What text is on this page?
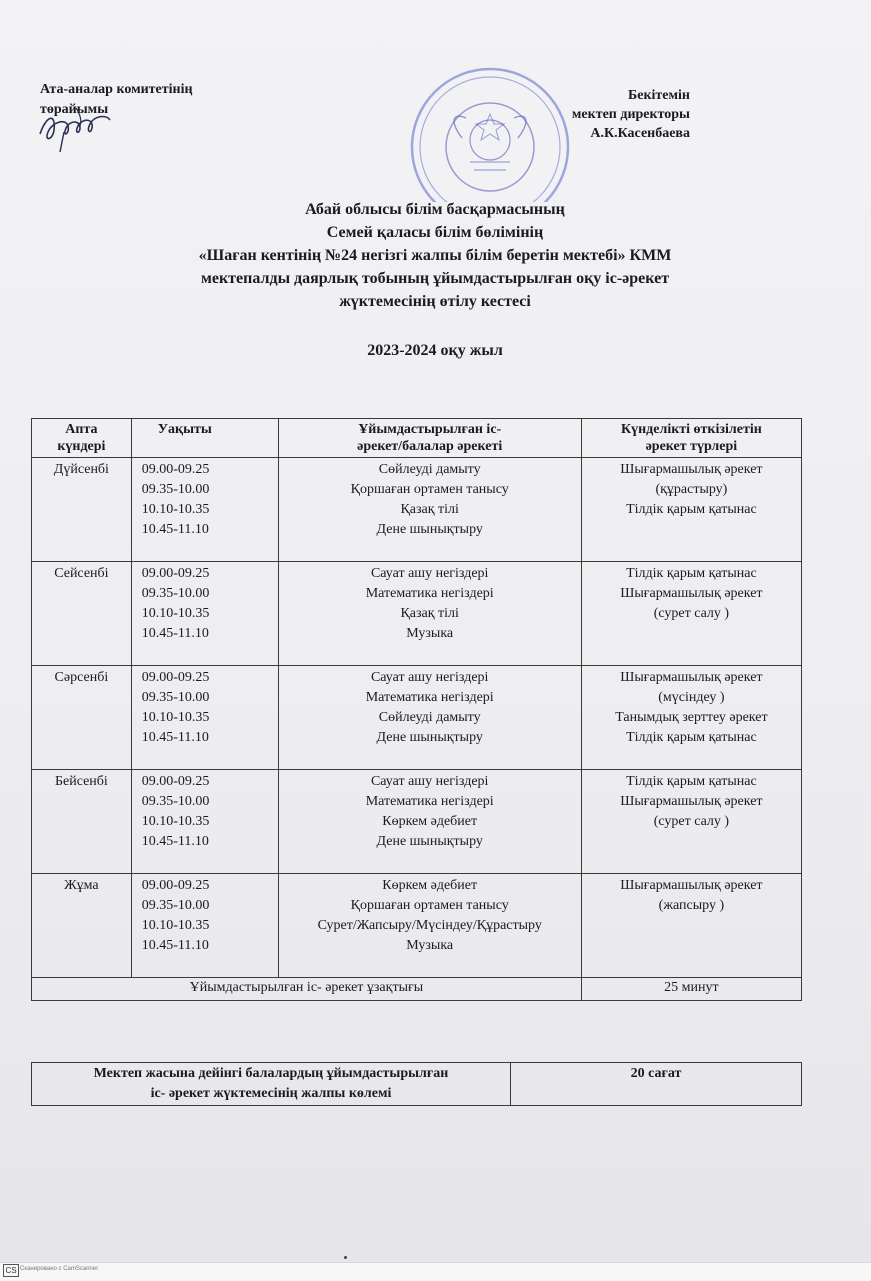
Ата-аналар комитетінің
төрайымы
Бекітемін
мектеп директоры
А.К.Касенбаева
Абай облысы білім басқармасының
Семей қаласы білім бөлімінің
«Шаған кентінің №24 негізгі жалпы білім беретін мектебі» КММ
мектепалды даярлық тобының ұйымдастырылған оқу іс-әрекет
жүктемесінің өтілу кестесі
2023-2024 оқу жыл
Апта
күндері	Уақыты	Ұйымдастырылған іс-
әрекет/балалар әрекеті	Күнделікті өткізілетін
әрекет түрлері

Дүйсенбі	09.00-09.25
09.35-10.00
10.10-10.35
10.45-11.10	Сөйлеуді дамыту
Қоршаған ортамен танысу
Қазақ тілі
Дене шынықтыру	Шығармашылық әрекет
(құрастыру)
Тілдік қарым қатынас

Сейсенбі	09.00-09.25
09.35-10.00
10.10-10.35
10.45-11.10	Сауат ашу негіздері
Математика негіздері
Қазақ тілі
Музыка	Тілдік қарым қатынас
Шығармашылық әрекет
(сурет салу )

Сәрсенбі	09.00-09.25
09.35-10.00
10.10-10.35
10.45-11.10	Сауат ашу негіздері
Математика негіздері
Сөйлеуді дамыту
Дене шынықтыру	Шығармашылық әрекет
(мүсіндеу )
Танымдық зерттеу әрекет
Тілдік қарым қатынас

Бейсенбі	09.00-09.25
09.35-10.00
10.10-10.35
10.45-11.10	Сауат ашу негіздері
Математика негіздері
Көркем әдебиет
Дене шынықтыру	Тілдік қарым қатынас
Шығармашылық әрекет
(сурет салу )

Жұма	09.00-09.25
09.35-10.00
10.10-10.35
10.45-11.10	Көркем әдебиет
Қоршаған ортамен танысу
Сурет/Жапсыру/Мүсіндеу/Құрастыру
Музыка	Шығармашылық әрекет
(жапсыру )

Ұйымдастырылған іс- әрекет ұзақтығы			25 минут
Мектеп жасына дейінгі балалардың ұйымдастырылған
іс- әрекет жүктемесінің жалпы көлемі
	20 сағат
CS Сканировано с CamScanner
